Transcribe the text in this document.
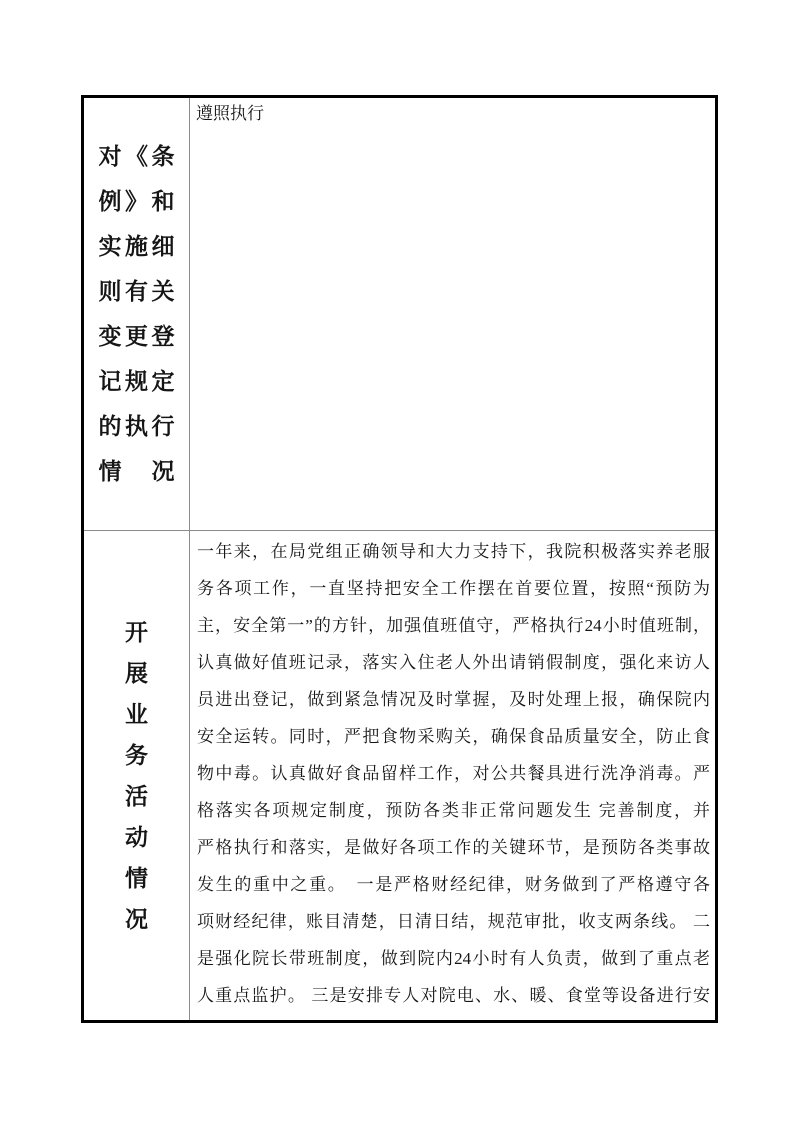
对《条
例》和
实施细
则有关
变更登
记规定
的执行
情况
遵照执行
开
展
业
务
活
动
情
况
一年来，在局党组正确领导和大力支持下，我院积极落实养老服
务各项工作，一直坚持把安全工作摆在首要位置，按照“预防为
主，安全第一”的方针，加强值班值守，严格执行24小时值班制，
认真做好值班记录，落实入住老人外出请销假制度，强化来访人
员进出登记，做到紧急情况及时掌握，及时处理上报，确保院内
安全运转。同时，严把食物采购关，确保食品质量安全，防止食
物中毒。认真做好食品留样工作，对公共餐具进行洗净消毒。严
格落实各项规定制度，预防各类非正常问题发生 完善制度，并
严格执行和落实，是做好各项工作的关键环节，是预防各类事故
发生的重中之重。　一是严格财经纪律，财务做到了严格遵守各
项财经纪律，账目清楚，日清日结，规范审批，收支两条线。 二
是强化院长带班制度，做到院内24小时有人负责，做到了重点老
人重点监护。 三是安排专人对院电、水、暖、食堂等设备进行安
